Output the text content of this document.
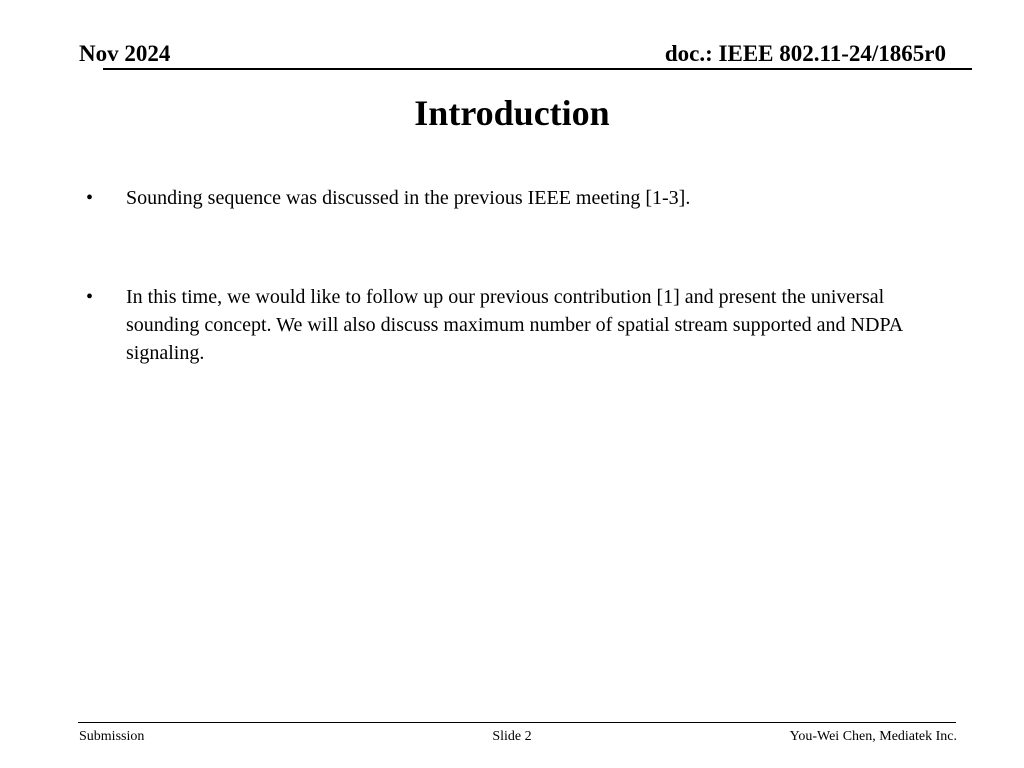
Nov 2024	doc.: IEEE 802.11-24/1865r0
Introduction
•	Sounding sequence was discussed in the previous IEEE meeting [1-3].
•	In this time, we would like to follow up our previous contribution [1] and present the universal sounding concept. We will also discuss maximum number of spatial stream supported and NDPA signaling.
Submission	Slide 2	You-Wei Chen, Mediatek Inc.
